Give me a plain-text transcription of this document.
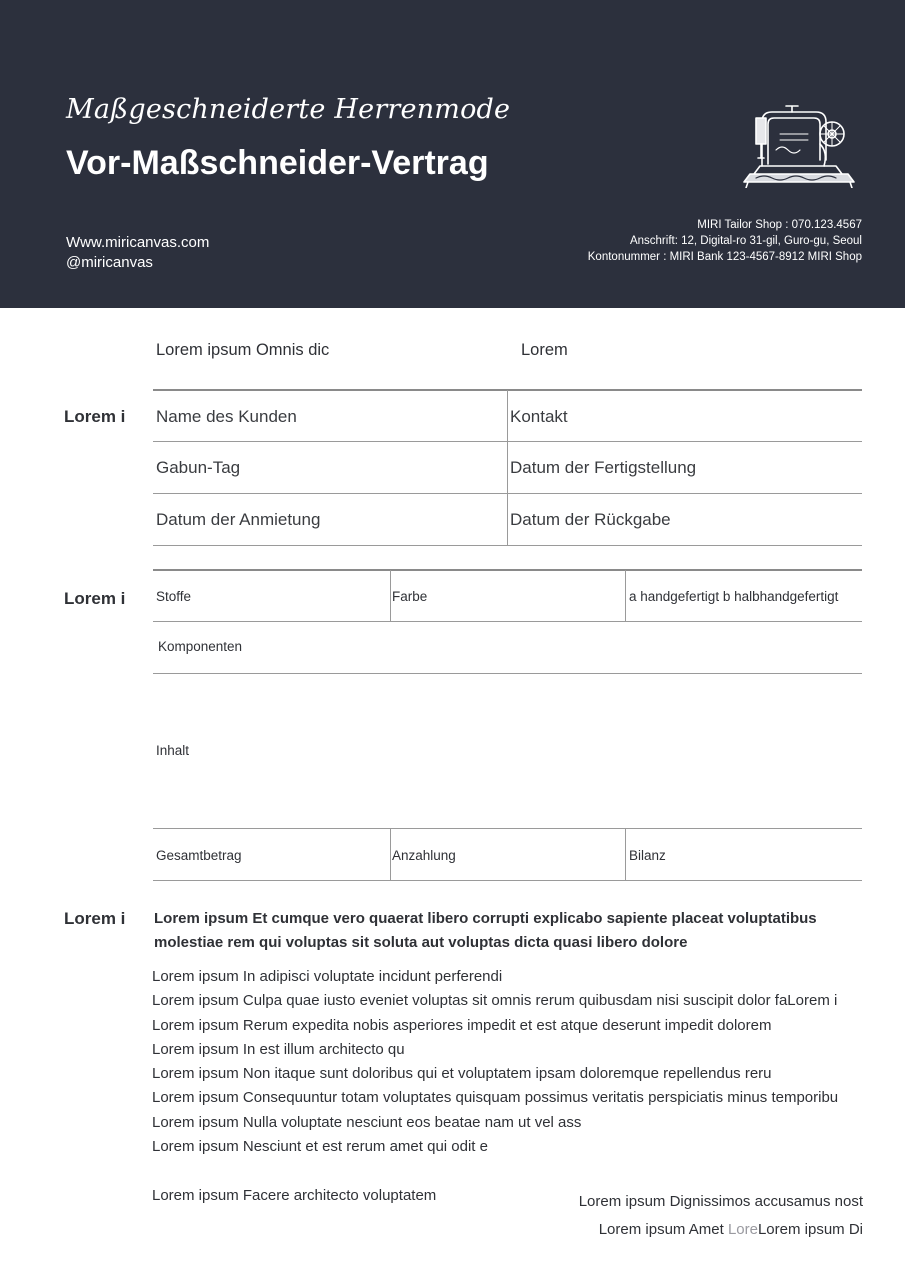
Maßgeschneiderte Herrenmode
Vor-Maßschneider-Vertrag
Www.miricanvas.com
@miricanvas
MIRI Tailor Shop : 070.123.4567
Anschrift: 12, Digital-ro 31-gil, Guro-gu, Seoul
Kontonummer : MIRI Bank 123-4567-8912 MIRI Shop
Lorem ipsum Omnis dic	Lorem
Lorem i Name des Kunden	Kontakt
Gabun-Tag	Datum der Fertigstellung
Datum der Anmietung	Datum der Rückgabe
Lorem i Stoffe	Farbe	a handgefertigt b halbhandgefertigt
Komponenten
Inhalt
Gesamtbetrag	Anzahlung	Bilanz
Lorem i Lorem ipsum Et cumque vero quaerat libero corrupti explicabo sapiente placeat voluptatibus molestiae rem qui voluptas sit soluta aut voluptas dicta quasi libero dolore
Lorem ipsum In adipisci voluptate incidunt perferendi
Lorem ipsum Culpa quae iusto eveniet voluptas sit omnis rerum quibusdam nisi suscipit dolor faLorem i
Lorem ipsum Rerum expedita nobis asperiores impedit et est atque deserunt impedit dolorem
Lorem ipsum In est illum architecto qu
Lorem ipsum Non itaque sunt doloribus qui et voluptatem ipsam doloremque repellendus reru
Lorem ipsum Consequuntur totam voluptates quisquam possimus veritatis perspiciatis minus temporibu
Lorem ipsum Nulla voluptate nesciunt eos beatae nam ut vel ass
Lorem ipsum Nesciunt et est rerum amet qui odit e
Lorem ipsum Facere architecto voluptatem	Lorem ipsum Dignissimos accusamus nost
Lorem ipsum Amet LoreLorem ipsum Di
